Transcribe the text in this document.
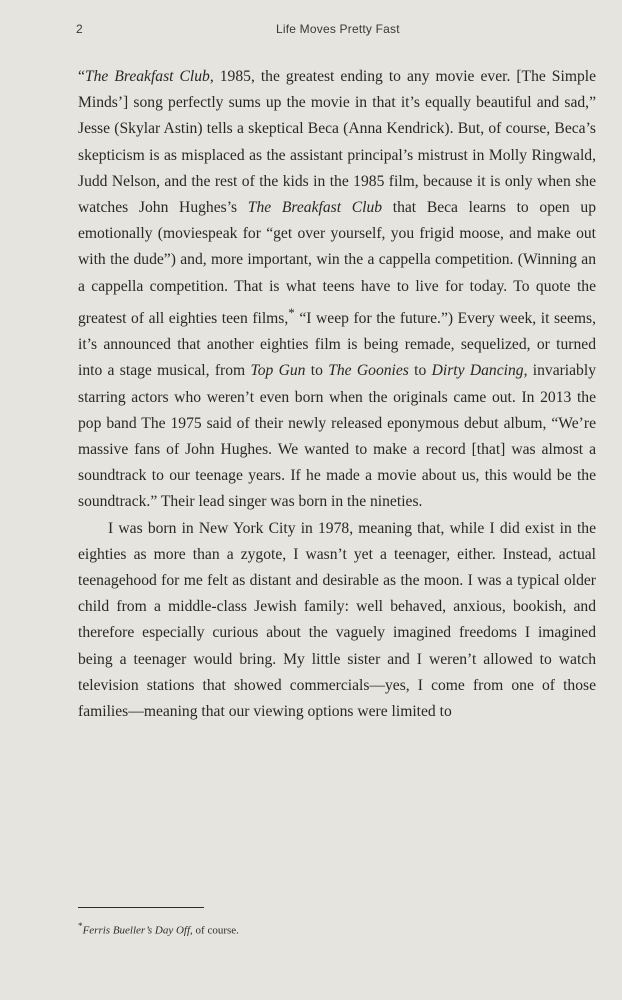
2	Life Moves Pretty Fast

“The Breakfast Club, 1985, the greatest ending to any movie ever. [The Simple Minds’] song perfectly sums up the movie in that it’s equally beautiful and sad,” Jesse (Skylar Astin) tells a skeptical Beca (Anna Kendrick). But, of course, Beca’s skepticism is as misplaced as the assistant principal’s mistrust in Molly Ringwald, Judd Nelson, and the rest of the kids in the 1985 film, because it is only when she watches John Hughes’s The Breakfast Club that Beca learns to open up emotionally (moviespeak for “get over yourself, you frigid moose, and make out with the dude”) and, more important, win the a cappella competition. (Winning an a cappella competition. That is what teens have to live for today. To quote the greatest of all eighties teen films,* “I weep for the future.”) Every week, it seems, it’s announced that another eighties film is being remade, sequelized, or turned into a stage musical, from Top Gun to The Goonies to Dirty Dancing, invariably starring actors who weren’t even born when the originals came out. In 2013 the pop band The 1975 said of their newly released eponymous debut album, “We’re massive fans of John Hughes. We wanted to make a record [that] was almost a soundtrack to our teenage years. If he made a movie about us, this would be the soundtrack.” Their lead singer was born in the nineties.

I was born in New York City in 1978, meaning that, while I did exist in the eighties as more than a zygote, I wasn’t yet a teenager, either. Instead, actual teenagehood for me felt as distant and desirable as the moon. I was a typical older child from a middle-class Jewish family: well behaved, anxious, bookish, and therefore especially curious about the vaguely imagined freedoms I imagined being a teenager would bring. My little sister and I weren’t allowed to watch television stations that showed commercials—yes, I come from one of those families—meaning that our viewing options were limited to

*Ferris Bueller’s Day Off, of course.
